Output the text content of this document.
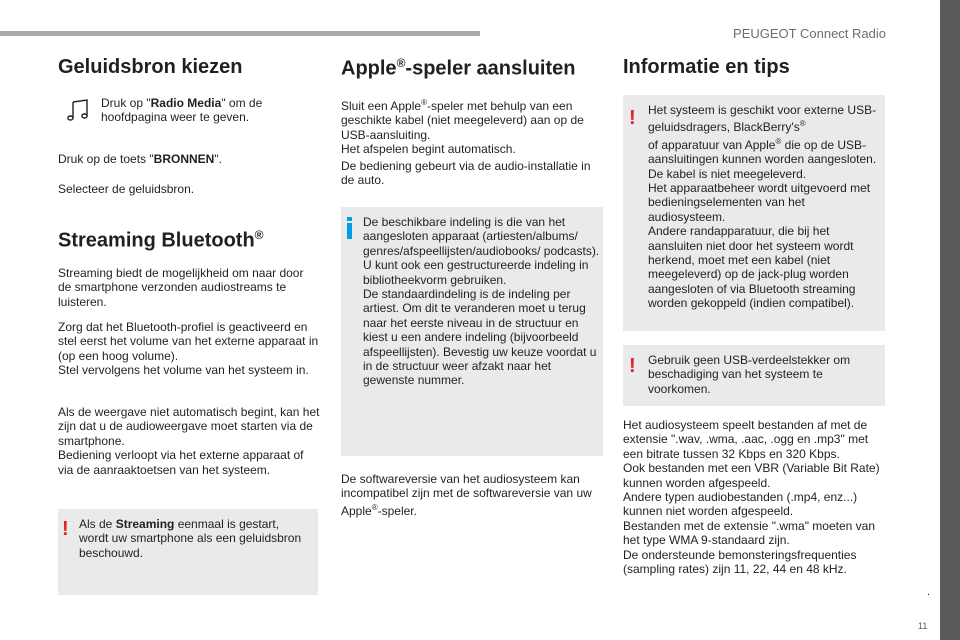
PEUGEOT Connect Radio
.
11
Geluidsbron kiezen

Druk op "Radio Media" om de hoofdpagina weer te geven.

Druk op de toets "BRONNEN".

Selecteer de geluidsbron.

Streaming Bluetooth®

Streaming biedt de mogelijkheid om naar door de smartphone verzonden audiostreams te luisteren.

Zorg dat het Bluetooth-profiel is geactiveerd en stel eerst het volume van het externe apparaat in (op een hoog volume).
Stel vervolgens het volume van het systeem in.

Als de weergave niet automatisch begint, kan het zijn dat u de audioweergave moet starten via de smartphone.
Bediening verloopt via het externe apparaat of via de aanraaktoetsen van het systeem.

! Als de Streaming eenmaal is gestart, wordt uw smartphone als een geluidsbron beschouwd.
Apple®-speler aansluiten

Sluit een Apple®-speler met behulp van een geschikte kabel (niet meegeleverd) aan op de USB-aansluiting.
Het afspelen begint automatisch.

De bediening gebeurt via de audio-installatie in de auto.

De beschikbare indeling is die van het aangesloten apparaat (artiesten/albums/ genres/afspeellijsten/audiobooks/ podcasts). U kunt ook een gestructureerde indeling in bibliotheekvorm gebruiken.
De standaardindeling is de indeling per artiest. Om dit te veranderen moet u terug naar het eerste niveau in de structuur en kiest u een andere indeling (bijvoorbeeld afspeellijsten). Bevestig uw keuze voordat u in de structuur weer afzakt naar het gewenste nummer.

De softwareversie van het audiosysteem kan incompatibel zijn met de softwareversie van uw Apple®-speler.

Informatie en tips
! Het systeem is geschikt voor externe USB-geluidsdragers, BlackBerry's®
of apparatuur van Apple® die op de USB-aansluitingen kunnen worden aangesloten. De kabel is niet meegeleverd.
Het apparaatbeheer wordt uitgevoerd met bedieningselementen van het audiosysteem.
Andere randapparatuur, die bij het aansluiten niet door het systeem wordt herkend, moet met een kabel (niet meegeleverd) op de jack-plug worden aangesloten of via Bluetooth streaming worden gekoppeld (indien compatibel).
! Gebruik geen USB-verdeelstekker om beschadiging van het systeem te voorkomen.

Het audiosysteem speelt bestanden af met de extensie ".wav, .wma, .aac, .ogg en .mp3" met een bitrate tussen 32 Kbps en 320 Kbps.
Ook bestanden met een VBR (Variable Bit Rate) kunnen worden afgespeeld.
Andere typen audiobestanden (.mp4, enz...) kunnen niet worden afgespeeld.
Bestanden met de extensie ".wma" moeten van het type WMA 9-standaard zijn.
De ondersteunde bemonsteringsfrequenties (sampling rates) zijn 11, 22, 44 en 48 kHz.
